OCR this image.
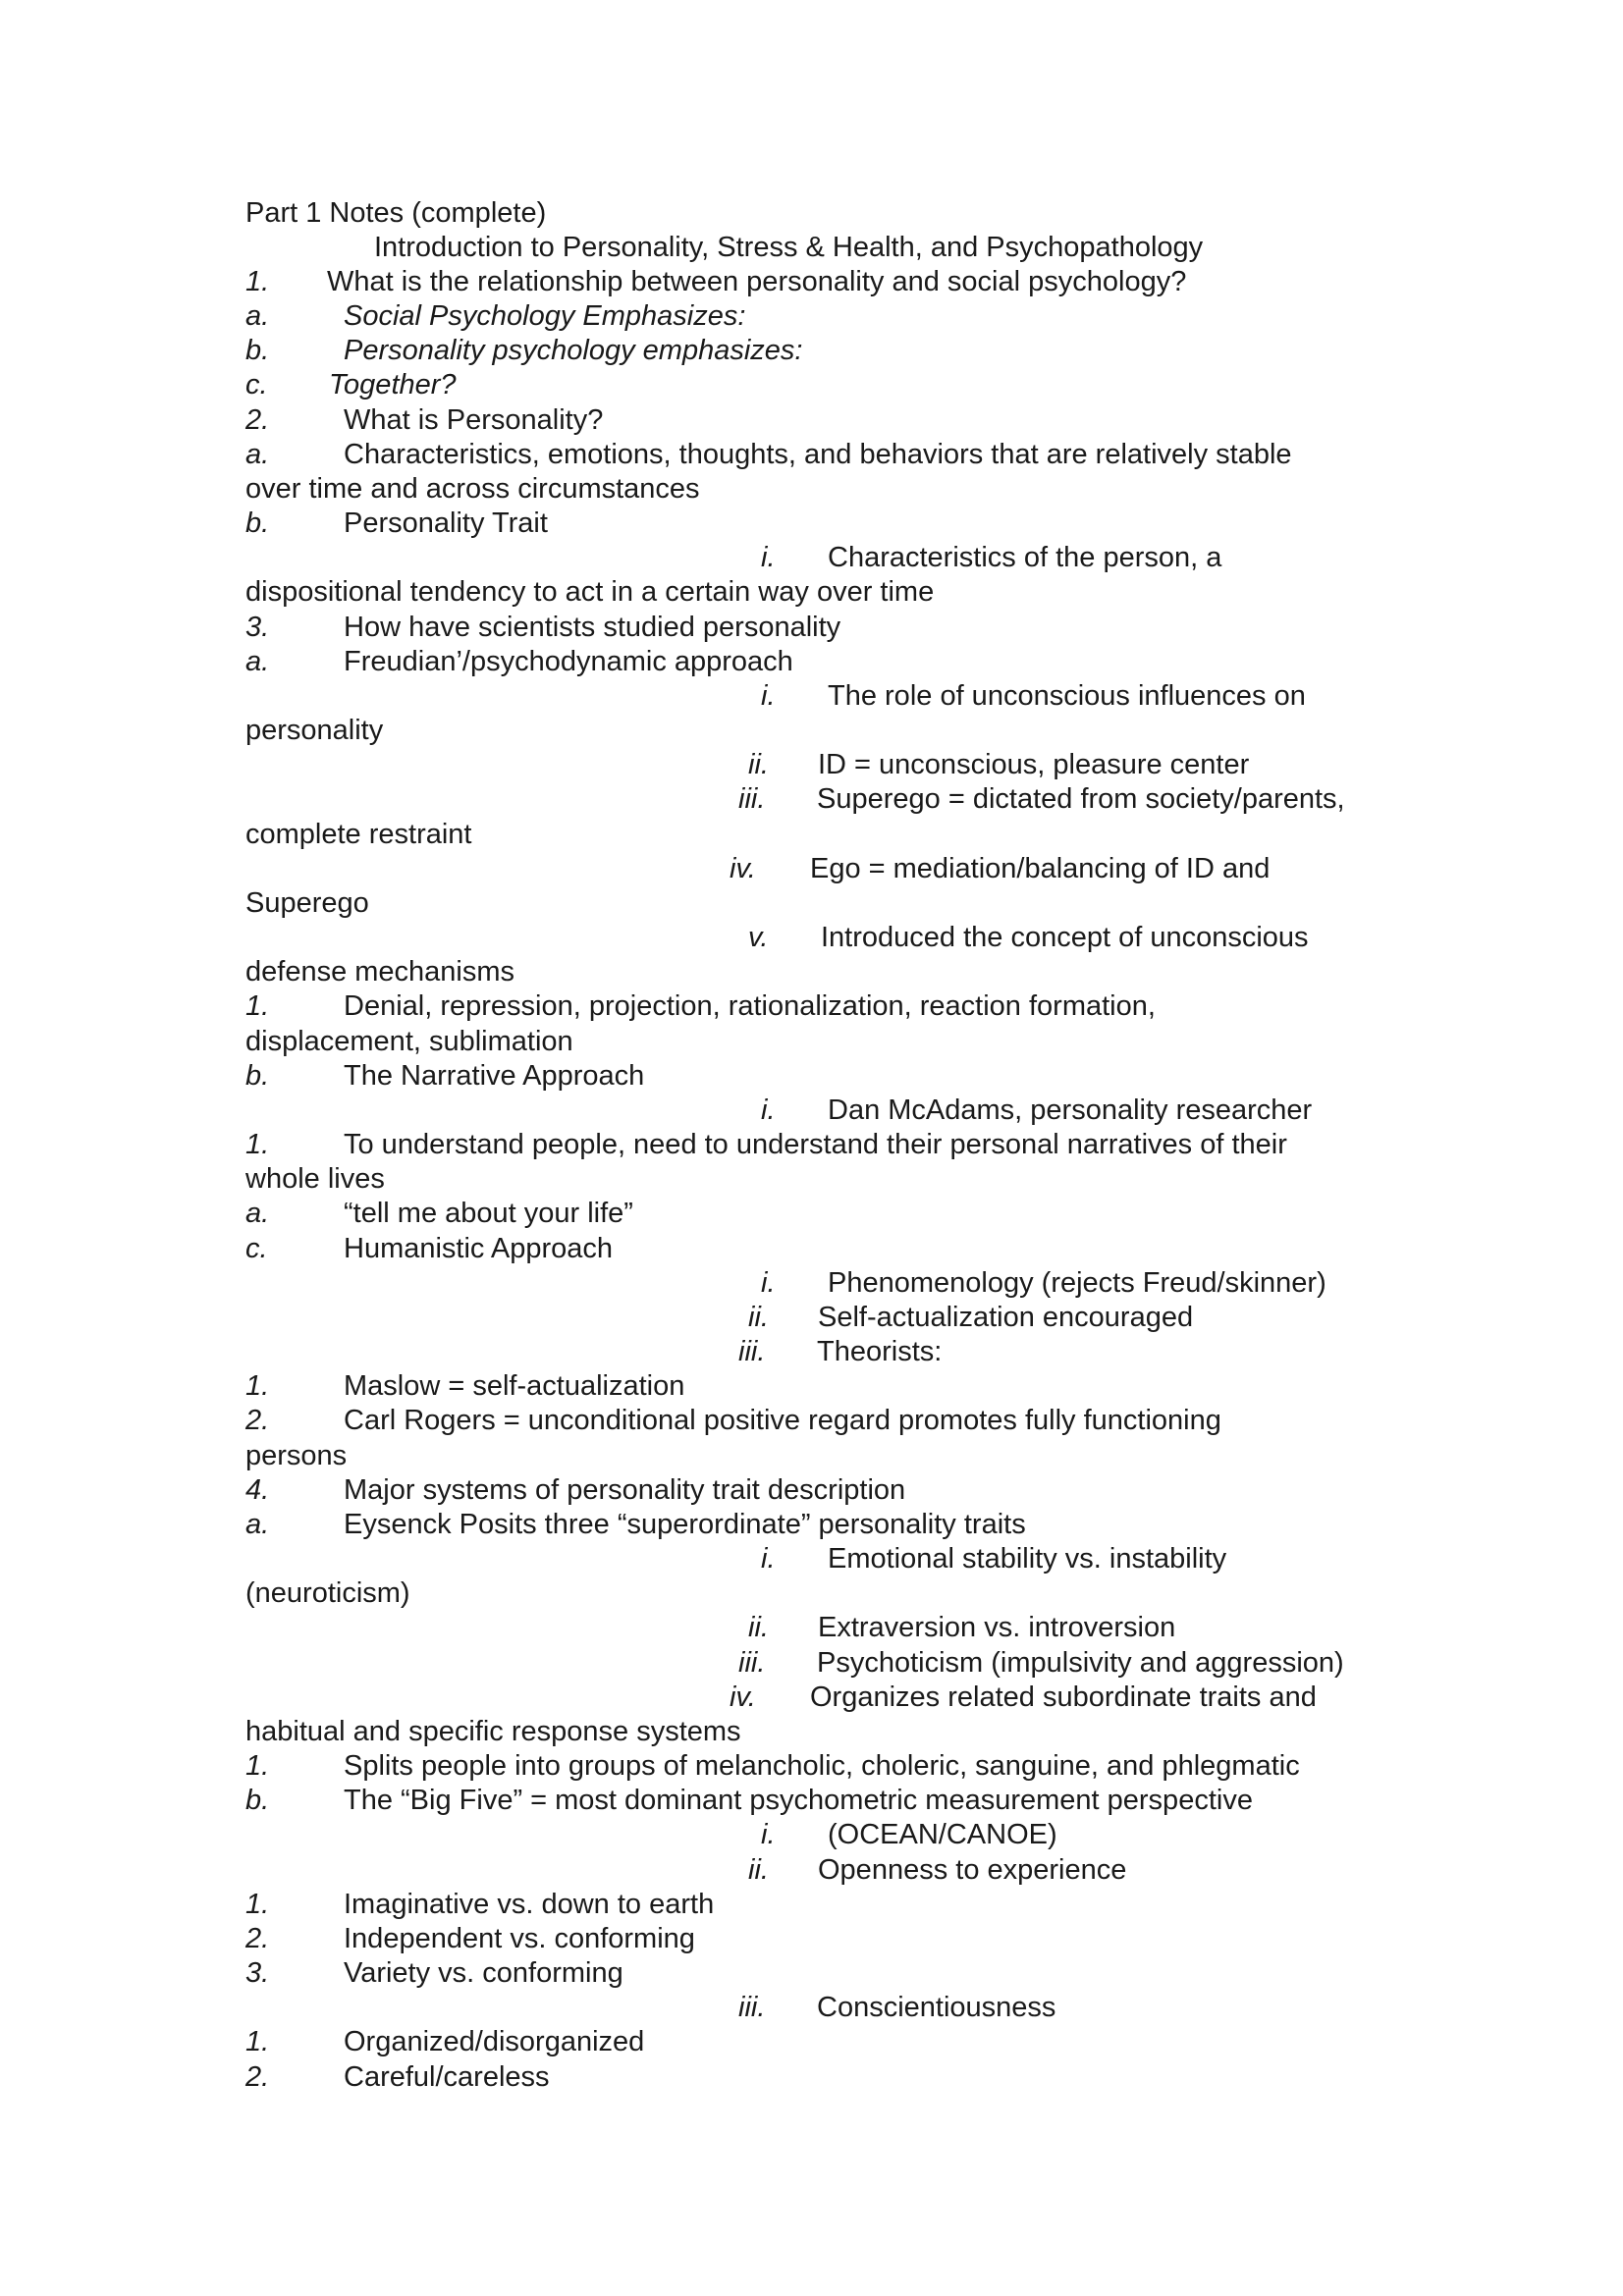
Part 1 Notes (complete)
Introduction to Personality, Stress & Health, and Psychopathology
1. What is the relationship between personality and social psychology?
a.	Social Psychology Emphasizes:
b.	Personality psychology emphasizes:
c. Together?
2.	What is Personality?
a.	Characteristics, emotions, thoughts, and behaviors that are relatively stable
over time and across circumstances
b.	Personality Trait
i. Characteristics of the person, a
dispositional tendency to act in a certain way over time
3.	How have scientists studied personality
a.	Freudian’/psychodynamic approach
i. The role of unconscious influences on
personality
ii. ID = unconscious, pleasure center
iii. Superego = dictated from society/parents,
complete restraint
iv. Ego = mediation/balancing of ID and
Superego
v. Introduced the concept of unconscious
defense mechanisms
1.	Denial, repression, projection, rationalization, reaction formation,
displacement, sublimation
b.	The Narrative Approach
i. Dan McAdams, personality researcher
1.	To understand people, need to understand their personal narratives of their
whole lives
a.	“tell me about your life”
c.	Humanistic Approach
i. Phenomenology (rejects Freud/skinner)
ii. Self-actualization encouraged
iii. Theorists:
1.	Maslow = self-actualization
2.	Carl Rogers = unconditional positive regard promotes fully functioning
persons
4.	Major systems of personality trait description
a.	Eysenck Posits three “superordinate” personality traits
i. Emotional stability vs. instability
(neuroticism)
ii. Extraversion vs. introversion
iii. Psychoticism (impulsivity and aggression)
iv. Organizes related subordinate traits and
habitual and specific response systems
1.	Splits people into groups of melancholic, choleric, sanguine, and phlegmatic
b.	The “Big Five” = most dominant psychometric measurement perspective
i. (OCEAN/CANOE)
ii. Openness to experience
1.	Imaginative vs. down to earth
2.	Independent vs. conforming
3.	Variety vs. conforming
iii. Conscientiousness
1.	Organized/disorganized
2.	Careful/careless
